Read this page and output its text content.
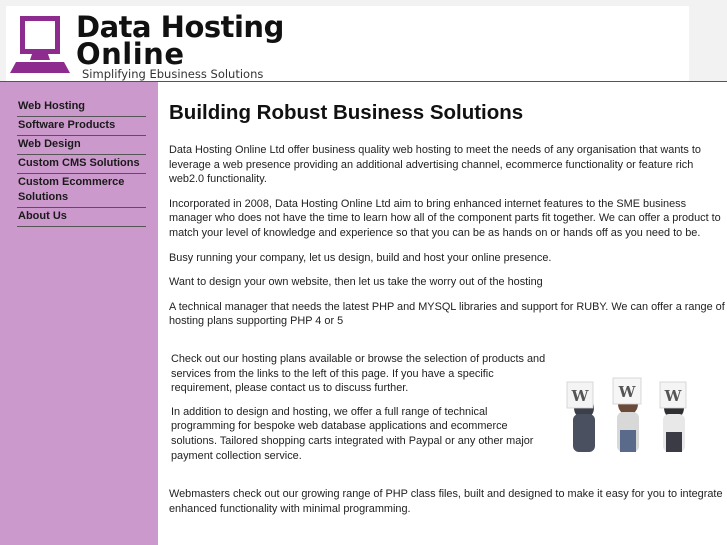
Data Hosting
Online
Simplifying Ebusiness Solutions
Web Hosting
Software Products
Web Design
Custom CMS Solutions
Custom Ecommerce Solutions
About Us
Building Robust Business Solutions

Data Hosting Online Ltd offer business quality web hosting to meet the needs of any organisation that wants to leverage a web presence providing an additional advertising channel, ecommerce functionality or feature rich web2.0 functionality.

Incorporated in 2008, Data Hosting Online Ltd aim to bring enhanced internet features to the SME business manager who does not have the time to learn how all of the component parts fit together. We can offer a product to match your level of knowledge and experience so that you can be as hands on or hands off as you need to be.

Busy running your company, let us design, build and host your online presence.

Want to design your own website, then let us take the worry out of the hosting

A technical manager that needs the latest PHP and MYSQL libraries and support for RUBY. We can offer a range of hosting plans supporting PHP 4 or 5

Check out our hosting plans available or browse the selection of products and services from the links to the left of this page. If you have a specific requirement, please contact us to discuss further.

In addition to design and hosting, we offer a full range of technical programming for bespoke web database applications and ecommerce solutions. Tailored shopping carts integrated with Paypal or any other major payment collection service.

W W W

Webmasters check out our growing range of PHP class files, built and designed to make it easy for you to integrate enhanced functionality with minimal programming.
